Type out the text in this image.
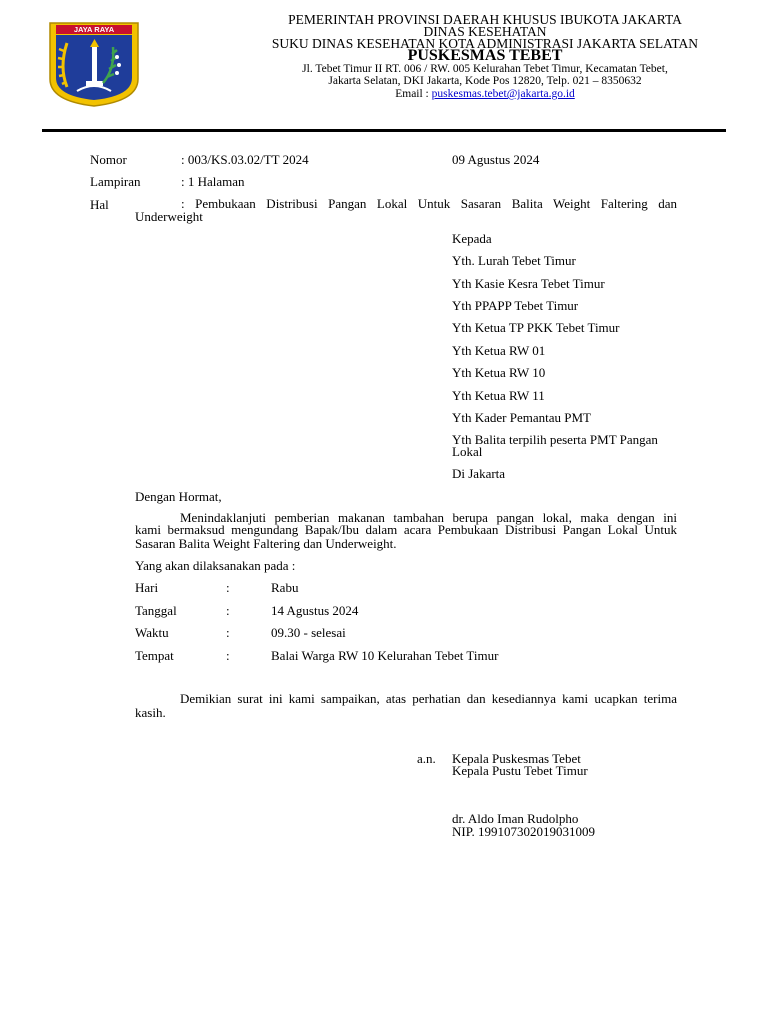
JAYA RAYA
PEMERINTAH PROVINSI DAERAH KHUSUS IBUKOTA JAKARTA
DINAS KESEHATAN
SUKU DINAS KESEHATAN KOTA ADMINISTRASI JAKARTA SELATAN
PUSKESMAS TEBET
Jl. Tebet Timur II RT. 006 / RW. 005 Kelurahan Tebet Timur, Kecamatan Tebet,
Jakarta Selatan, DKI Jakarta, Kode Pos 12820, Telp. 021 – 8350632
Email : puskesmas.tebet@jakarta.go.id
Nomor	: 003/KS.03.02/TT 2024	09 Agustus 2024
Lampiran	: 1 Halaman
Hal	: Pembukaan Distribusi Pangan Lokal Untuk Sasaran Balita Weight Faltering dan
Underweight
Kepada
Yth. Lurah Tebet Timur
Yth Kasie Kesra Tebet Timur
Yth PPAPP Tebet Timur
Yth Ketua TP PKK Tebet Timur
Yth Ketua RW 01
Yth Ketua RW 10
Yth Ketua RW 11
Yth Kader Pemantau PMT
Yth Balita terpilih peserta PMT Pangan
Lokal
Di Jakarta
Dengan Hormat,
Menindaklanjuti pemberian makanan tambahan berupa pangan lokal, maka dengan ini
kami bermaksud mengundang Bapak/Ibu dalam acara Pembukaan Distribusi Pangan Lokal Untuk
Sasaran Balita Weight Faltering dan Underweight.
Yang akan dilaksanakan pada :
Hari	:	Rabu
Tanggal	:	14 Agustus 2024
Waktu	:	09.30 - selesai
Tempat	:	Balai Warga RW 10 Kelurahan Tebet Timur
Demikian surat ini kami sampaikan, atas perhatian dan kesediannya kami ucapkan terima
kasih.
a.n. Kepala Puskesmas Tebet
Kepala Pustu Tebet Timur
dr. Aldo Iman Rudolpho
NIP. 199107302019031009
